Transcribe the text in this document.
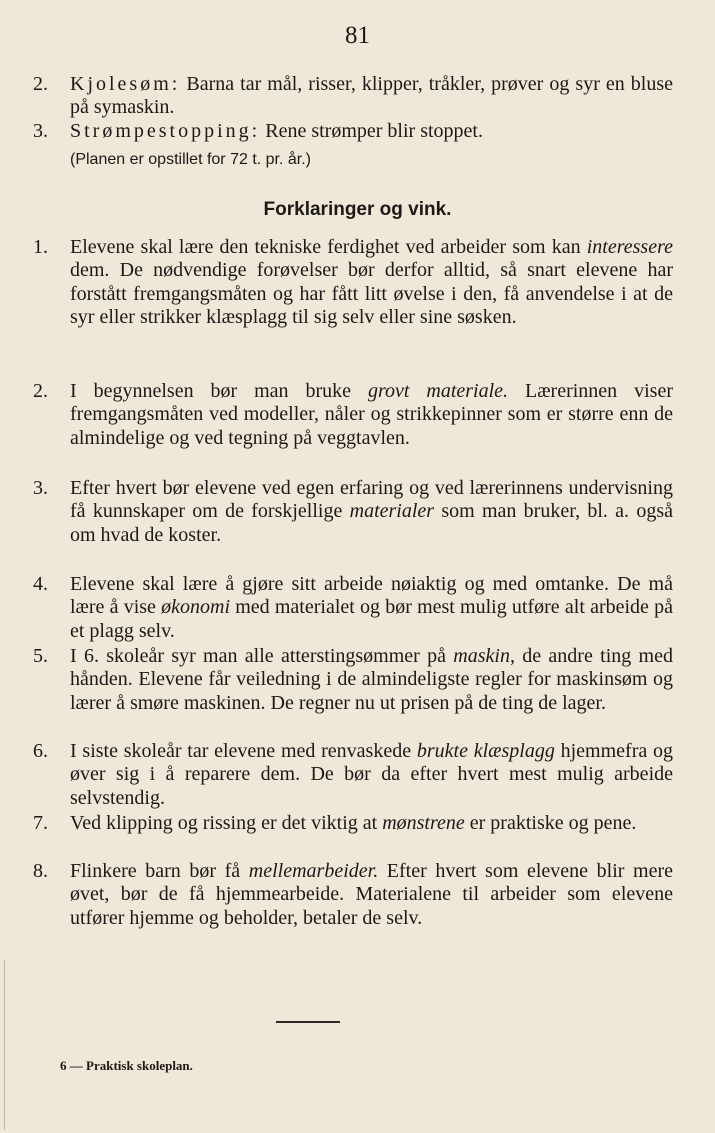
81
2. Kjolesøm: Barna tar mål, risser, klipper, tråkler, prøver og syr en bluse på symaskin.
3. Strømpestopping: Rene strømper blir stoppet.
(Planen er opstillet for 72 t. pr. år.)
Forklaringer og vink.
1. Elevene skal lære den tekniske ferdighet ved arbeider som kan interessere dem. De nødvendige forøvelser bør derfor alltid, så snart elevene har forstått fremgangsmåten og har fått litt øvelse i den, få anvendelse i at de syr eller strikker klæsplagg til sig selv eller sine søsken.
2. I begynnelsen bør man bruke grovt materiale. Lærerinnen viser fremgangsmåten ved modeller, nåler og strikkepinner som er større enn de almindelige og ved tegning på veggtavlen.
3. Efter hvert bør elevene ved egen erfaring og ved lærerinnens undervisning få kunnskaper om de forskjellige materialer som man bruker, bl. a. også om hvad de koster.
4. Elevene skal lære å gjøre sitt arbeide nøiaktig og med omtanke. De må lære å vise økonomi med materialet og bør mest mulig utføre alt arbeide på et plagg selv.
5. I 6. skoleår syr man alle atterstingsømmer på maskin, de andre ting med hånden. Elevene får veiledning i de almindeligste regler for maskinsøm og lærer å smøre maskinen. De regner nu ut prisen på de ting de lager.
6. I siste skoleår tar elevene med renvaskede brukte klæsplagg hjemmefra og øver sig i å reparere dem. De bør da efter hvert mest mulig arbeide selvstendig.
7. Ved klipping og rissing er det viktig at mønstrene er praktiske og pene.
8. Flinkere barn bør få mellemarbeider. Efter hvert som elevene blir mere øvet, bør de få hjemmearbeide. Materialene til arbeider som elevene utfører hjemme og beholder, betaler de selv.
6 — Praktisk skoleplan.
